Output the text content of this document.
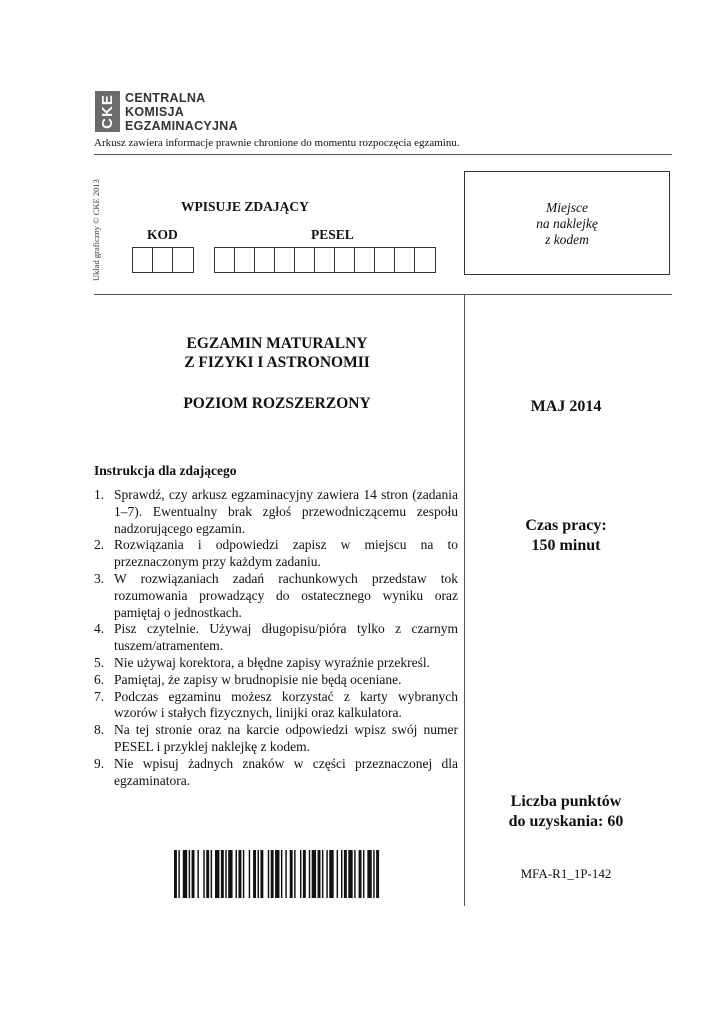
CKE CENTRALNA
KOMISJA
EGZAMINACYJNA
Arkusz zawiera informacje prawnie chronione do momentu rozpoczęcia egzaminu.
Układ graficzny © CKE 2013	WPISUJE ZDAJĄCY
KOD	PESEL
Miejsce
na naklejkę
z kodem
EGZAMIN MATURALNY
Z FIZYKI I ASTRONOMII
POZIOM ROZSZERZONY	MAJ 2014
Czas pracy:
150 minut
Liczba punktów
do uzyskania: 60
MFA-R1_1P-142
Instrukcja dla zdającego
1. Sprawdź, czy arkusz egzaminacyjny zawiera 14 stron (zadania 1–7). Ewentualny brak zgłoś przewodniczącemu zespołu nadzorującego egzamin.
2. Rozwiązania i odpowiedzi zapisz w miejscu na to przeznaczonym przy każdym zadaniu.
3. W rozwiązaniach zadań rachunkowych przedstaw tok rozumowania prowadzący do ostatecznego wyniku oraz pamiętaj o jednostkach.
4. Pisz czytelnie. Używaj długopisu/pióra tylko z czarnym tuszem/atramentem.
5. Nie używaj korektora, a błędne zapisy wyraźnie przekreśl.
6. Pamiętaj, że zapisy w brudnopisie nie będą oceniane.
7. Podczas egzaminu możesz korzystać z karty wybranych wzorów i stałych fizycznych, linijki oraz kalkulatora.
8. Na tej stronie oraz na karcie odpowiedzi wpisz swój numer PESEL i przyklej naklejkę z kodem.
9. Nie wpisuj żadnych znaków w części przeznaczonej dla egzaminatora.
